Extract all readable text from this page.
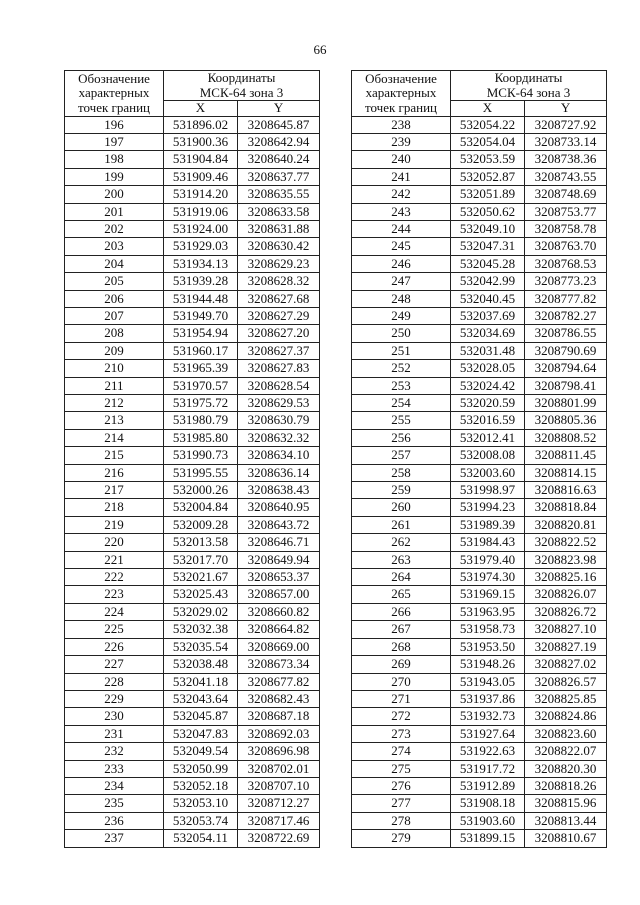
66
Обозначение
характерных
точек границ	Координаты	
	МСК-64 зона 3	
	X	Y
196	531896.02	3208645.87
197	531900.36	3208642.94
198	531904.84	3208640.24
199	531909.46	3208637.77
200	531914.20	3208635.55
201	531919.06	3208633.58
202	531924.00	3208631.88
203	531929.03	3208630.42
204	531934.13	3208629.23
205	531939.28	3208628.32
206	531944.48	3208627.68
207	531949.70	3208627.29
208	531954.94	3208627.20
209	531960.17	3208627.37
210	531965.39	3208627.83
211	531970.57	3208628.54
212	531975.72	3208629.53
213	531980.79	3208630.79
214	531985.80	3208632.32
215	531990.73	3208634.10
216	531995.55	3208636.14
217	532000.26	3208638.43
218	532004.84	3208640.95
219	532009.28	3208643.72
220	532013.58	3208646.71
221	532017.70	3208649.94
222	532021.67	3208653.37
223	532025.43	3208657.00
224	532029.02	3208660.82
225	532032.38	3208664.82
226	532035.54	3208669.00
227	532038.48	3208673.34
228	532041.18	3208677.82
229	532043.64	3208682.43
230	532045.87	3208687.18
231	532047.83	3208692.03
232	532049.54	3208696.98
233	532050.99	3208702.01
234	532052.18	3208707.10
235	532053.10	3208712.27
236	532053.74	3208717.46
237	532054.11	3208722.69
Обозначение
характерных
точек границ	Координаты	
	МСК-64 зона 3	
	X	Y
238	532054.22	3208727.92
239	532054.04	3208733.14
240	532053.59	3208738.36
241	532052.87	3208743.55
242	532051.89	3208748.69
243	532050.62	3208753.77
244	532049.10	3208758.78
245	532047.31	3208763.70
246	532045.28	3208768.53
247	532042.99	3208773.23
248	532040.45	3208777.82
249	532037.69	3208782.27
250	532034.69	3208786.55
251	532031.48	3208790.69
252	532028.05	3208794.64
253	532024.42	3208798.41
254	532020.59	3208801.99
255	532016.59	3208805.36
256	532012.41	3208808.52
257	532008.08	3208811.45
258	532003.60	3208814.15
259	531998.97	3208816.63
260	531994.23	3208818.84
261	531989.39	3208820.81
262	531984.43	3208822.52
263	531979.40	3208823.98
264	531974.30	3208825.16
265	531969.15	3208826.07
266	531963.95	3208826.72
267	531958.73	3208827.10
268	531953.50	3208827.19
269	531948.26	3208827.02
270	531943.05	3208826.57
271	531937.86	3208825.85
272	531932.73	3208824.86
273	531927.64	3208823.60
274	531922.63	3208822.07
275	531917.72	3208820.30
276	531912.89	3208818.26
277	531908.18	3208815.96
278	531903.60	3208813.44
279	531899.15	3208810.67
